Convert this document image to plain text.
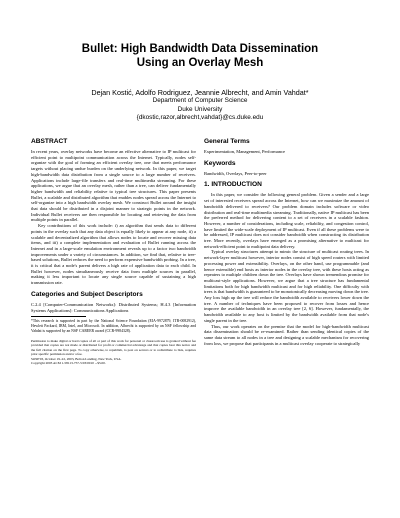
Bullet: High Bandwidth Data Dissemination
Using an Overlay Mesh
Dejan Kostić, Adolfo Rodriguez, Jeannie Albrecht, and Amin Vahdat*
Department of Computer Science
Duke University
{dkostic,razor,albrecht,vahdat}@cs.duke.edu
ABSTRACT

In recent years, overlay networks have become an effective alternative to IP multicast for efficient point to multipoint communication across the Internet. Typically, nodes self-organize with the goal of forming an efficient overlay tree, one that meets performance targets without placing undue burden on the underlying network. In this paper, we target high-bandwidth data distribution from a single source to a large number of receivers. Applications include large-file transfers and real-time multimedia streaming. For these applications, we argue that an overlay mesh, rather than a tree, can deliver fundamentally higher bandwidth and reliability relative to typical tree structures. This paper presents Bullet, a scalable and distributed algorithm that enables nodes spread across the Internet to self-organize into a high bandwidth overlay mesh. We construct Bullet around the insight that data should be distributed in a disjoint manner to strategic points in the network. Individual Bullet receivers are then responsible for locating and retrieving the data from multiple points in parallel.

Key contributions of this work include: i) an algorithm that sends data to different points in the overlay such that any data object is equally likely to appear at any node, ii) a scalable and decentralized algorithm that allows nodes to locate and recover missing data items, and iii) a complete implementation and evaluation of Bullet running across the Internet and in a large-scale emulation environment reveals up to a factor two bandwidth improvements under a variety of circumstances. In addition, we find that, relative to tree-based solutions, Bullet reduces the need to perform expensive bandwidth probing. In a tree, it is critical that a node's parent delivers a high rate of application data to each child. In Bullet however, nodes simultaneously receive data from multiple sources in parallel, making it less important to locate any single source capable of sustaining a high transmission rate.

Categories and Subject Descriptors

C.2.4 [Computer-Communication Networks]: Distributed Systems; H.4.3 [Information Systems Applications]: Communications Applications

*This research is supported in part by the National Science Foundation (EIA-9972879, ITR-0082912), Hewlett Packard, IBM, Intel, and Microsoft. In addition, Albrecht is supported by an NSF fellowship and Vahdat is supported by an NSF CAREER award (CCR-9984328).

Permission to make digital or hard copies of all or part of this work for personal or classroom use is granted without fee provided that copies are not made or distributed for profit or commercial advantage and that copies bear this notice and the full citation on the first page. To copy otherwise, to republish, to post on servers or to redistribute to lists, requires prior specific permission and/or a fee.

SOSP'03, October 19–22, 2003, Bolton Landing, New York, USA.

Copyright 2003 ACM 1-58113-757-5/03/0010 ...$5.00.

General Terms

Experimentation, Management, Performance

Keywords

Bandwidth, Overlays, Peer-to-peer

1. INTRODUCTION

In this paper, we consider the following general problem. Given a sender and a large set of interested receivers spread across the Internet, how can we maximize the amount of bandwidth delivered to receivers? Our problem domain includes software or video distribution and real-time multimedia streaming. Traditionally, native IP multicast has been the preferred method for delivering content to a set of receivers in a scalable fashion. However, a number of considerations, including scale, reliability, and congestion control, have limited the wide-scale deployment of IP multicast. Even if all these problems were to be addressed, IP multicast does not consider bandwidth when constructing its distribution tree. More recently, overlays have emerged as a promising alternative to multicast for network-efficient point to multipoint data delivery.

Typical overlay structures attempt to mimic the structure of multicast routing trees. In network-layer multicast however, interior nodes consist of high speed routers with limited processing power and extensibility. Overlays, on the other hand, use programmable (and hence extensible) end hosts as interior nodes in the overlay tree, with these hosts acting as repeaters to multiple children down the tree. Overlays have shown tremendous promise for multicast-style applications. However, we argue that a tree structure has fundamental limitations both for high bandwidth multicast and for high reliability. One difficulty with trees is that bandwidth is guaranteed to be monotonically decreasing moving down the tree. Any loss high up the tree will reduce the bandwidth available to receivers lower down the tree. A number of techniques have been proposed to recover from losses and hence improve the available bandwidth in an overlay tree [2, 6]. However, fundamentally, the bandwidth available to any host is limited by the bandwidth available from that node's single parent in the tree.

Thus, our work operates on the premise that the model for high-bandwidth multicast data dissemination should be re-examined. Rather than sending identical copies of the same data stream to all nodes in a tree and designing a scalable mechanism for recovering from loss, we propose that participants in a multicast overlay cooperate to strategically
